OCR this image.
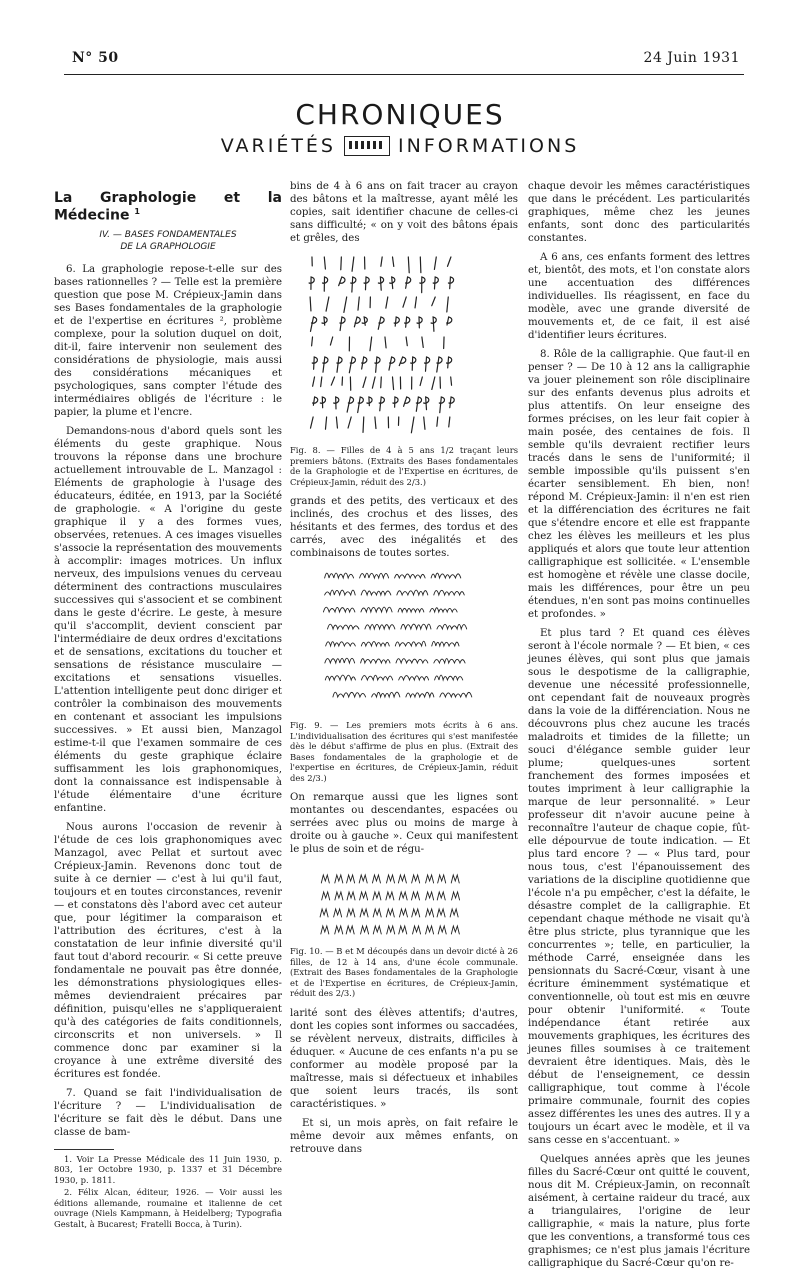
N° 50	24 Juin 1931
CHRONIQUES
VARIÉTÉS	INFORMATIONS
La Graphologie et la Médecine $^1$
IV. — BASES FONDAMENTALES
DE LA GRAPHOLOGIE

6. La graphologie repose-t-elle sur des bases rationnelles ? — Telle est la première question que pose M. Crépieux-Jamin dans ses Bases fondamentales de la graphologie et de l'expertise en écritures ², problème complexe, pour la solution duquel on doit, dit-il, faire intervenir non seulement des considérations de physiologie, mais aussi des considérations mécaniques et psychologiques, sans compter l'étude des intermédiaires obligés de l'écriture : le papier, la plume et l'encre.

Demandons-nous d'abord quels sont les éléments du geste graphique. Nous trouvons la réponse dans une brochure actuellement introuvable de L. Manzagol : Eléments de graphologie à l'usage des éducateurs, éditée, en 1913, par la Société de graphologie. « A l'origine du geste graphique il y a des formes vues, observées, retenues. A ces images visuelles s'associe la représentation des mouvements à accomplir: images motrices. Un influx nerveux, des impulsions venues du cerveau déterminent des contractions musculaires successives qui s'associent et se combinent dans le geste d'écrire. Le geste, à mesure qu'il s'accomplit, devient conscient par l'intermédiaire de deux ordres d'excitations et de sensations, excitations du toucher et sensations de résistance musculaire — excitations et sensations visuelles. L'attention intelligente peut donc diriger et contrôler la combinaison des mouvements en contenant et associant les impulsions successives. » Et aussi bien, Manzagol estime-t-il que l'examen sommaire de ces éléments du geste graphique éclaire suffisamment les lois graphonomiques, dont la connaissance est indispensable à l'étude élémentaire d'une écriture enfantine.

Nous aurons l'occasion de revenir à l'étude de ces lois graphonomiques avec Manzagol, avec Pellat et surtout avec Crépieux-Jamin. Revenons donc tout de suite à ce dernier — c'est à lui qu'il faut, toujours et en toutes circonstances, revenir — et constatons dès l'abord avec cet auteur que, pour légitimer la comparaison et l'attribution des écritures, c'est à la constatation de leur infinie diversité qu'il faut tout d'abord recourir. « Si cette preuve fondamentale ne pouvait pas être donnée, les démonstrations physiologiques elles-mêmes deviendraient précaires par définition, puisqu'elles ne s'appliqueraient qu'à des catégories de faits conditionnels, circonscrits et non universels. » Il commence donc par examiner si la croyance à une extrême diversité des écritures est fondée.

7. Quand se fait l'individualisation de l'écriture ? — L'individualisation de l'écriture se fait dès le début. Dans une classe de bam-

1. Voir La Presse Médicale des 11 Juin 1930, p. 803, 1er Octobre 1930, p. 1337 et 31 Décembre 1930, p. 1811.
2. Félix Alcan, éditeur, 1926. — Voir aussi les éditions allemande, roumaine et italienne de cet ouvrage (Niels Kampmann, à Heidelberg; Typografia Gestalt, à Bucarest; Fratelli Bocca, à Turin).

bins de 4 à 6 ans on fait tracer au crayon des bâtons et la maîtresse, ayant mêlé les copies, sait identifier chacune de celles-ci sans difficulté; « on y voit des bâtons épais et grêles, des

Fig. 8. — Filles de 4 à 5 ans 1/2 traçant leurs premiers bâtons. (Extraits des Bases fondamentales de la Graphologie et de l'Expertise en écritures, de Crépieux-Jamin, réduit des 2/3.)

grands et des petits, des verticaux et des inclinés, des crochus et des lisses, des hésitants et des fermes, des tordus et des carrés, avec des inégalités et des combinaisons de toutes sortes.

Fig. 9. — Les premiers mots écrits à 6 ans. L'individualisation des écritures qui s'est manifestée dès le début s'affirme de plus en plus. (Extrait des Bases fondamentales de la graphologie et de l'expertise en écritures, de Crépieux-Jamin, réduit des 2/3.)

On remarque aussi que les lignes sont montantes ou descendantes, espacées ou serrées avec plus ou moins de marge à droite ou à gauche ». Ceux qui manifestent le plus de soin et de régu-

Fig. 10. — B et M découpés dans un devoir dicté à 26 filles, de 12 à 14 ans, d'une école communale. (Extrait des Bases fondamentales de la Graphologie et de l'Expertise en écritures, de Crépieux-Jamin, réduit des 2/3.)

larité sont des élèves attentifs; d'autres, dont les copies sont informes ou saccadées, se révèlent nerveux, distraits, difficiles à éduquer. « Aucune de ces enfants n'a pu se conformer au modèle proposé par la maîtresse, mais si défectueux et inhabiles que soient leurs tracés, ils sont caractéristiques. »

Et si, un mois après, on fait refaire le même devoir aux mêmes enfants, on retrouve dans

chaque devoir les mêmes caractéristiques que dans le précédent. Les particularités graphiques, même chez les jeunes enfants, sont donc des particularités constantes.

A 6 ans, ces enfants forment des lettres et, bientôt, des mots, et l'on constate alors une accentuation des différences individuelles. Ils réagissent, en face du modèle, avec une grande diversité de mouvements et, de ce fait, il est aisé d'identifier leurs écritures.

8. Rôle de la calligraphie. Que faut-il en penser ? — De 10 à 12 ans la calligraphie va jouer pleinement son rôle disciplinaire sur des enfants devenus plus adroits et plus attentifs. On leur enseigne des formes précises, on les leur fait copier à main posée, des centaines de fois. Il semble qu'ils devraient rectifier leurs tracés dans le sens de l'uniformité; il semble impossible qu'ils puissent s'en écarter sensiblement. Eh bien, non! répond M. Crépieux-Jamin: il n'en est rien et la différenciation des écritures ne fait que s'étendre encore et elle est frappante chez les élèves les meilleurs et les plus appliqués et alors que toute leur attention calligraphique est sollicitée. « L'ensemble est homogène et révèle une classe docile, mais les différences, pour être un peu étendues, n'en sont pas moins continuelles et profondes. »

Et plus tard ? Et quand ces élèves seront à l'école normale ? — Et bien, « ces jeunes élèves, qui sont plus que jamais sous le despotisme de la calligraphie, devenue une nécessité professionnelle, ont cependant fait de nouveaux progrès dans la voie de la différenciation. Nous ne découvrons plus chez aucune les tracés maladroits et timides de la fillette; un souci d'élégance semble guider leur plume; quelques-unes sortent franchement des formes imposées et toutes impriment à leur calligraphie la marque de leur personnalité. » Leur professeur dit n'avoir aucune peine à reconnaître l'auteur de chaque copie, fût-elle dépourvue de toute indication. — Et plus tard encore ? — « Plus tard, pour nous tous, c'est l'épanouissement des variations de la discipline quotidienne que l'école n'a pu empêcher, c'est la défaite, le désastre complet de la calligraphie. Et cependant chaque méthode ne visait qu'à être plus stricte, plus tyrannique que les concurrentes »; telle, en particulier, la méthode Carré, enseignée dans les pensionnats du Sacré-Cœur, visant à une écriture éminemment systématique et conventionnelle, où tout est mis en œuvre pour obtenir l'uniformité. « Toute indépendance étant retirée aux mouvements graphiques, les écritures des jeunes filles soumises à ce traitement devraient être identiques. Mais, dès le début de l'enseignement, ce dessin calligraphique, tout comme à l'école primaire communale, fournit des copies assez différentes les unes des autres. Il y a toujours un écart avec le modèle, et il va sans cesse en s'accentuant. »

Quelques années après que les jeunes filles du Sacré-Cœur ont quitté le couvent, nous dit M. Crépieux-Jamin, on reconnaît aisément, à certaine raideur du tracé, aux a triangulaires, l'origine de leur calligraphie, « mais la nature, plus forte que les conventions, a transformé tous ces graphismes; ce n'est plus jamais l'écriture calligraphique du Sacré-Cœur qu'on re-
